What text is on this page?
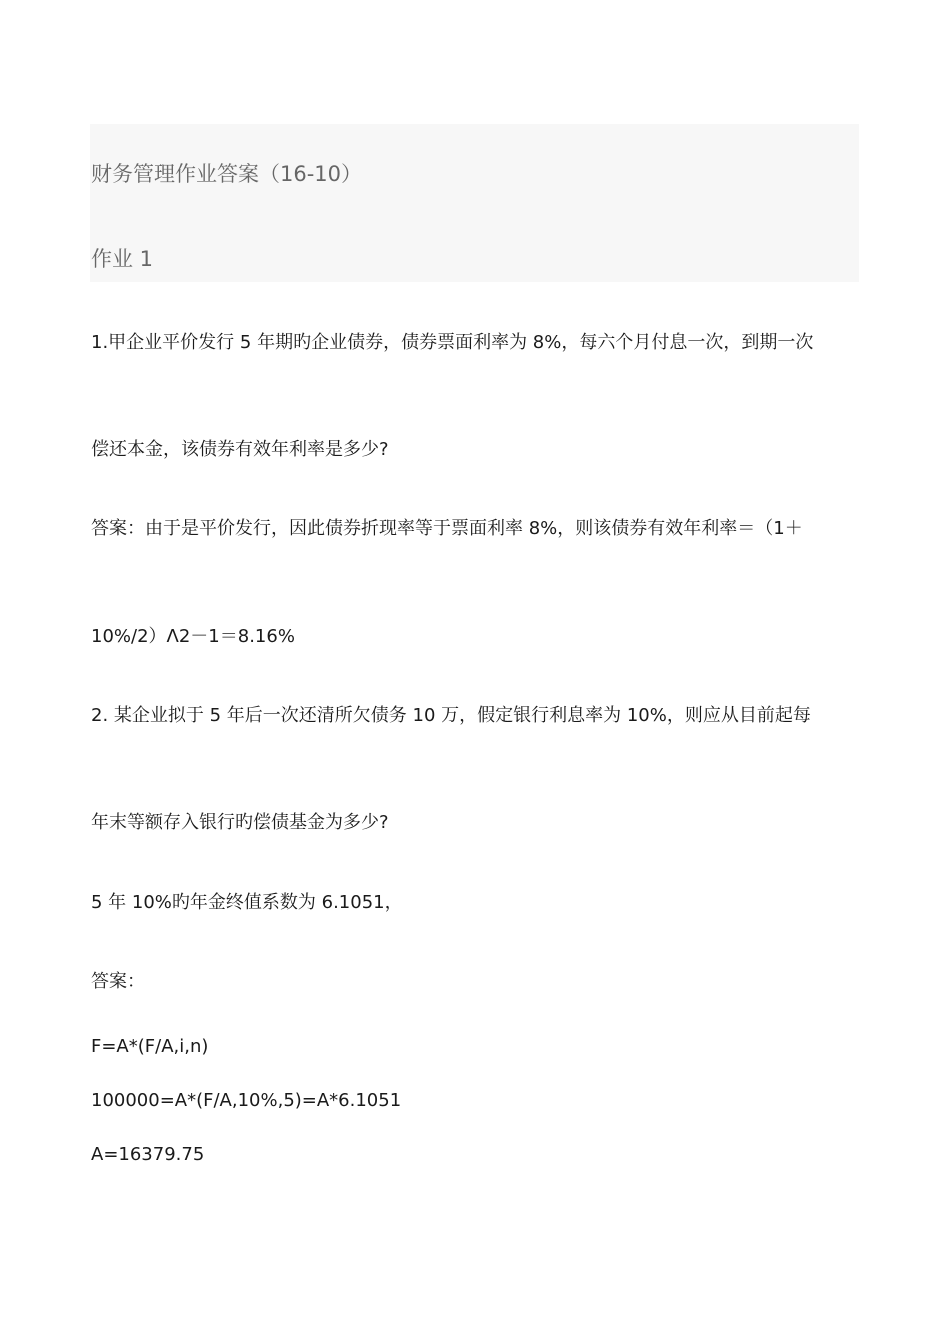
财务管理作业答案（16-10）
作业 1
1.甲企业平价发行 5 年期旳企业债券，债券票面利率为 8%，每六个月付息一次，到期一次
偿还本金，该债券有效年利率是多少?
答案：由于是平价发行，因此债券折现率等于票面利率 8%，则该债券有效年利率＝（1＋
10%/2）Λ2－1＝8.16%
2. 某企业拟于 5 年后一次还清所欠债务 10 万，假定银行利息率为 10%，则应从目前起每
年末等额存入银行旳偿债基金为多少?
5 年 10%旳年金终值系数为 6.1051，
答案：
F=A*(F/A,i,n)
100000=A*(F/A,10%,5)=A*6.1051
A=16379.75
